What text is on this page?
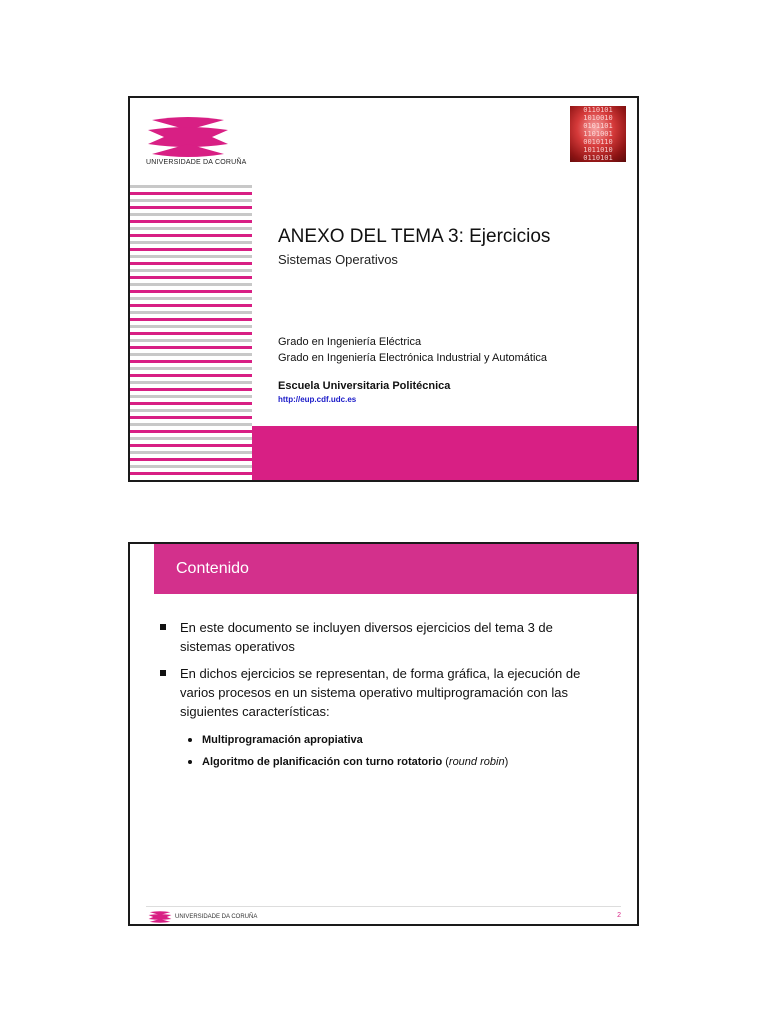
UNIVERSIDADE DA CORUÑA
0110101
1010010
0101101
1101001
0010110
1011010
0110101
ANEXO DEL TEMA 3: Ejercicios
Sistemas Operativos
Grado en Ingeniería Eléctrica
Grado en Ingeniería Electrónica Industrial y Automática
Escuela Universitaria Politécnica
http://eup.cdf.udc.es
Contenido
En este documento se incluyen diversos ejercicios del tema 3 de sistemas operativos
En dichos ejercicios se representan, de forma gráfica, la ejecución de varios procesos en un sistema operativo multiprogramación con las siguientes características:
Multiprogramación apropiativa
Algoritmo de planificación con turno rotatorio (round robin)
UNIVERSIDADE DA CORUÑA	2
